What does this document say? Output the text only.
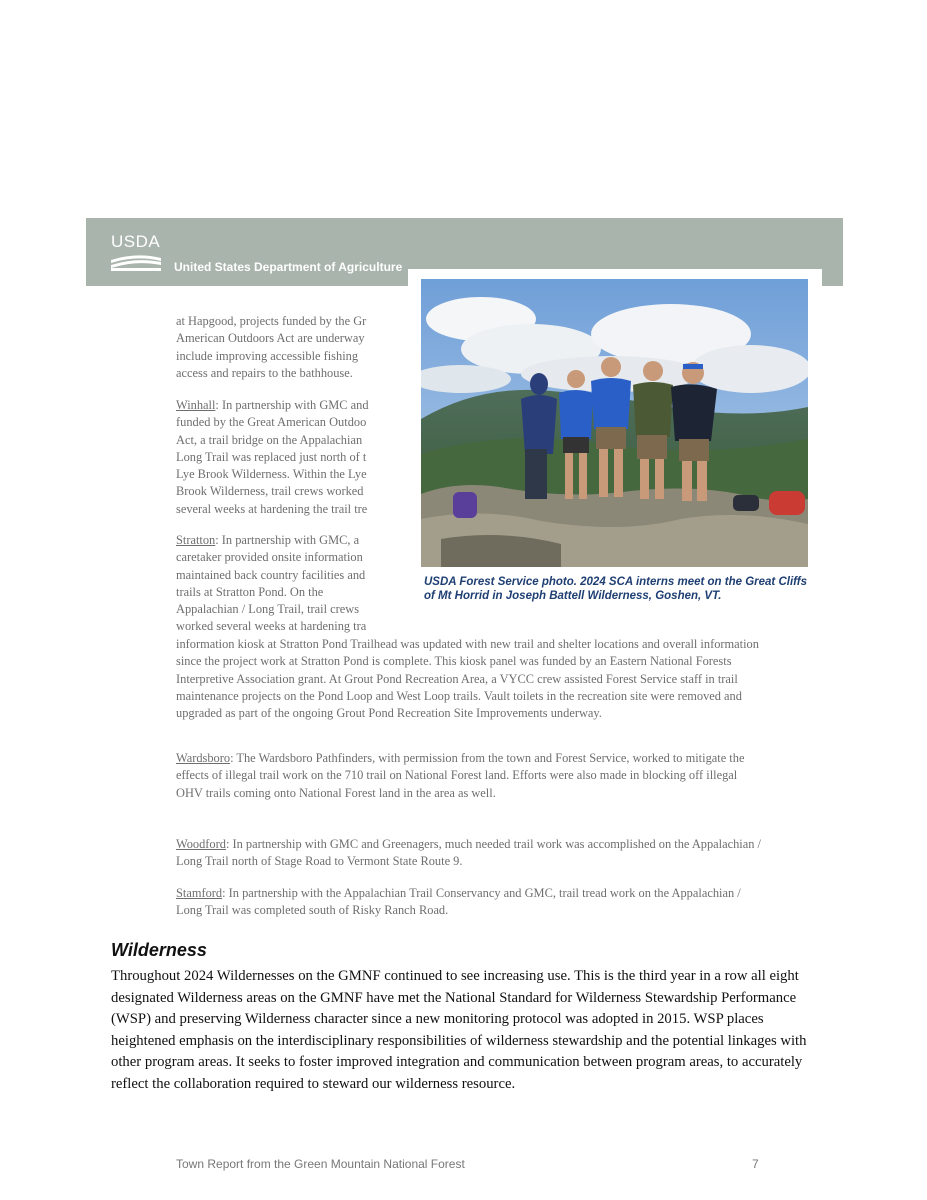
USDA
United States Department of Agriculture

at Hapgood, projects funded by the Gr

American Outdoors Act are underway

include improving accessible fishing

access and repairs to the bathhouse.

Winhall: In partnership with GMC and

funded by the Great American Outdoo

Act, a trail bridge on the Appalachian

Long Trail was replaced just north of t

Lye Brook Wilderness. Within the Lye

Brook Wilderness, trail crews worked

several weeks at hardening the trail tre

Stratton: In partnership with GMC, a

caretaker provided onsite information

maintained back country facilities and

trails at Stratton Pond. On the

Appalachian / Long Trail, trail crews

worked several weeks at hardening tra

information kiosk at Stratton Pond Trailhead was updated with new trail and shelter locations and overall information since the project work at Stratton Pond is complete. This kiosk panel was funded by an Eastern National Forests Interpretive Association grant. At Grout Pond Recreation Area, a VYCC crew assisted Forest Service staff in trail maintenance projects on the Pond Loop and West Loop trails. Vault toilets in the recreation site were removed and upgraded as part of the ongoing Grout Pond Recreation Site Improvements underway.
Wardsboro: The Wardsboro Pathfinders, with permission from the town and Forest Service, worked to mitigate the effects of illegal trail work on the 710 trail on National Forest land. Efforts were also made in blocking off illegal OHV trails coming onto National Forest land in the area as well.
Woodford: In partnership with GMC and Greenagers, much needed trail work was accomplished on the Appalachian / Long Trail north of Stage Road to Vermont State Route 9.
Stamford: In partnership with the Appalachian Trail Conservancy and GMC, trail tread work on the Appalachian / Long Trail was completed south of Risky Ranch Road.
USDA Forest Service photo. 2024 SCA interns meet on the Great Cliffs of Mt Horrid in Joseph Battell Wilderness, Goshen, VT.
Wilderness
Throughout 2024 Wildernesses on the GMNF continued to see increasing use. This is the third year in a row all eight designated Wilderness areas on the GMNF have met the National Standard for Wilderness Stewardship Performance (WSP) and preserving Wilderness character since a new monitoring protocol was adopted in 2015. WSP places heightened emphasis on the interdisciplinary responsibilities of wilderness stewardship and the potential linkages with other program areas. It seeks to foster improved integration and communication between program areas, to accurately reflect the collaboration required to steward our wilderness resource.
Town Report from the Green Mountain National Forest	7
